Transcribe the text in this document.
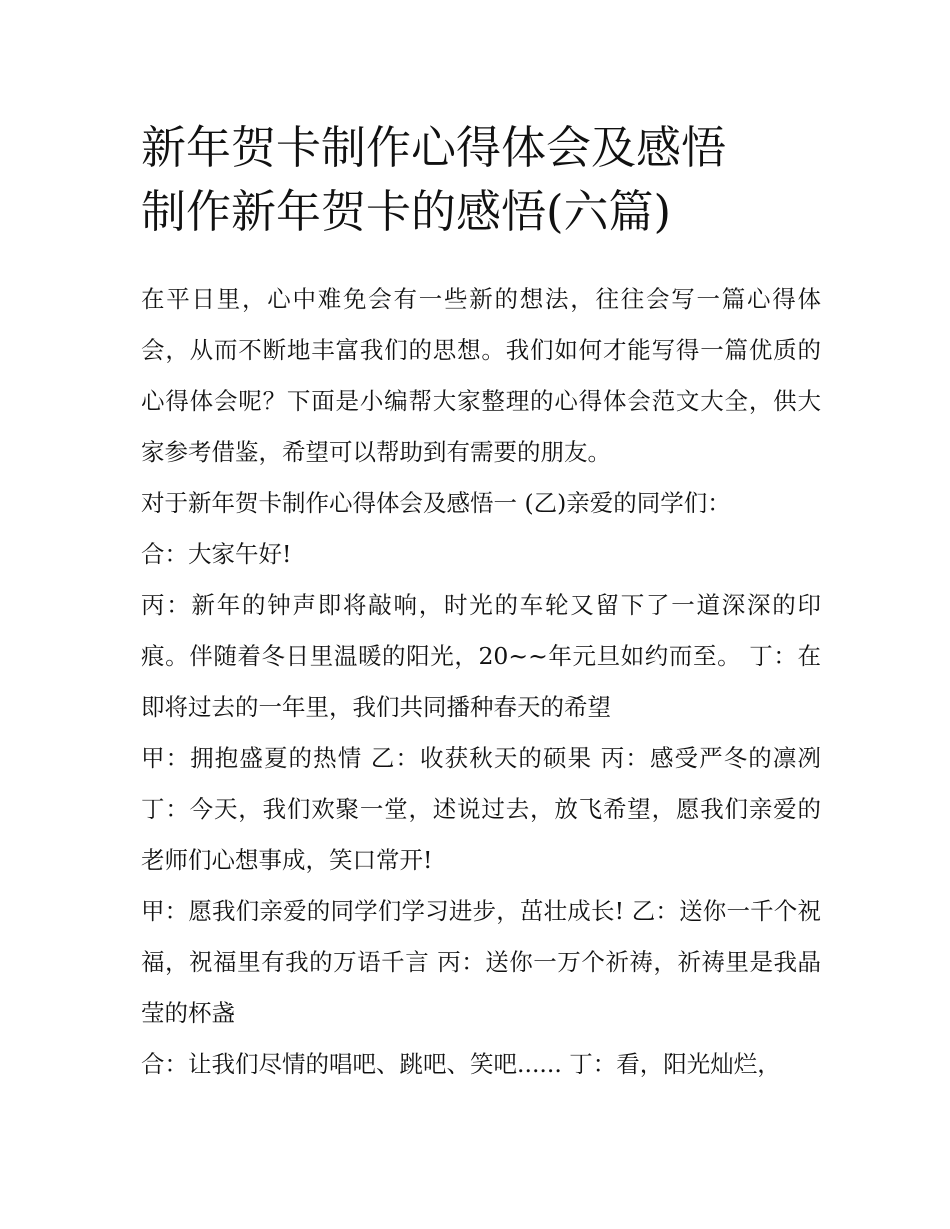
新年贺卡制作心得体会及感悟
制作新年贺卡的感悟(六篇)

在平日里，心中难免会有一些新的想法，往往会写一篇心得体会，从而不断地丰富我们的思想。我们如何才能写得一篇优质的心得体会呢？下面是小编帮大家整理的心得体会范文大全，供大家参考借鉴，希望可以帮助到有需要的朋友。

对于新年贺卡制作心得体会及感悟一 (乙)亲爱的同学们：

合：大家午好!

丙：新年的钟声即将敲响，时光的车轮又留下了一道深深的印痕。伴随着冬日里温暖的阳光，20~~年元旦如约而至。 丁：在即将过去的一年里，我们共同播种春天的希望

甲：拥抱盛夏的热情 乙：收获秋天的硕果 丙：感受严冬的凛冽 丁：今天，我们欢聚一堂，述说过去，放飞希望，愿我们亲爱的老师们心想事成，笑口常开!

甲：愿我们亲爱的同学们学习进步，茁壮成长! 乙：送你一千个祝福，祝福里有我的万语千言 丙：送你一万个祈祷，祈祷里是我晶莹的杯盏

合：让我们尽情的唱吧、跳吧、笑吧...... 丁：看，阳光灿烂，
